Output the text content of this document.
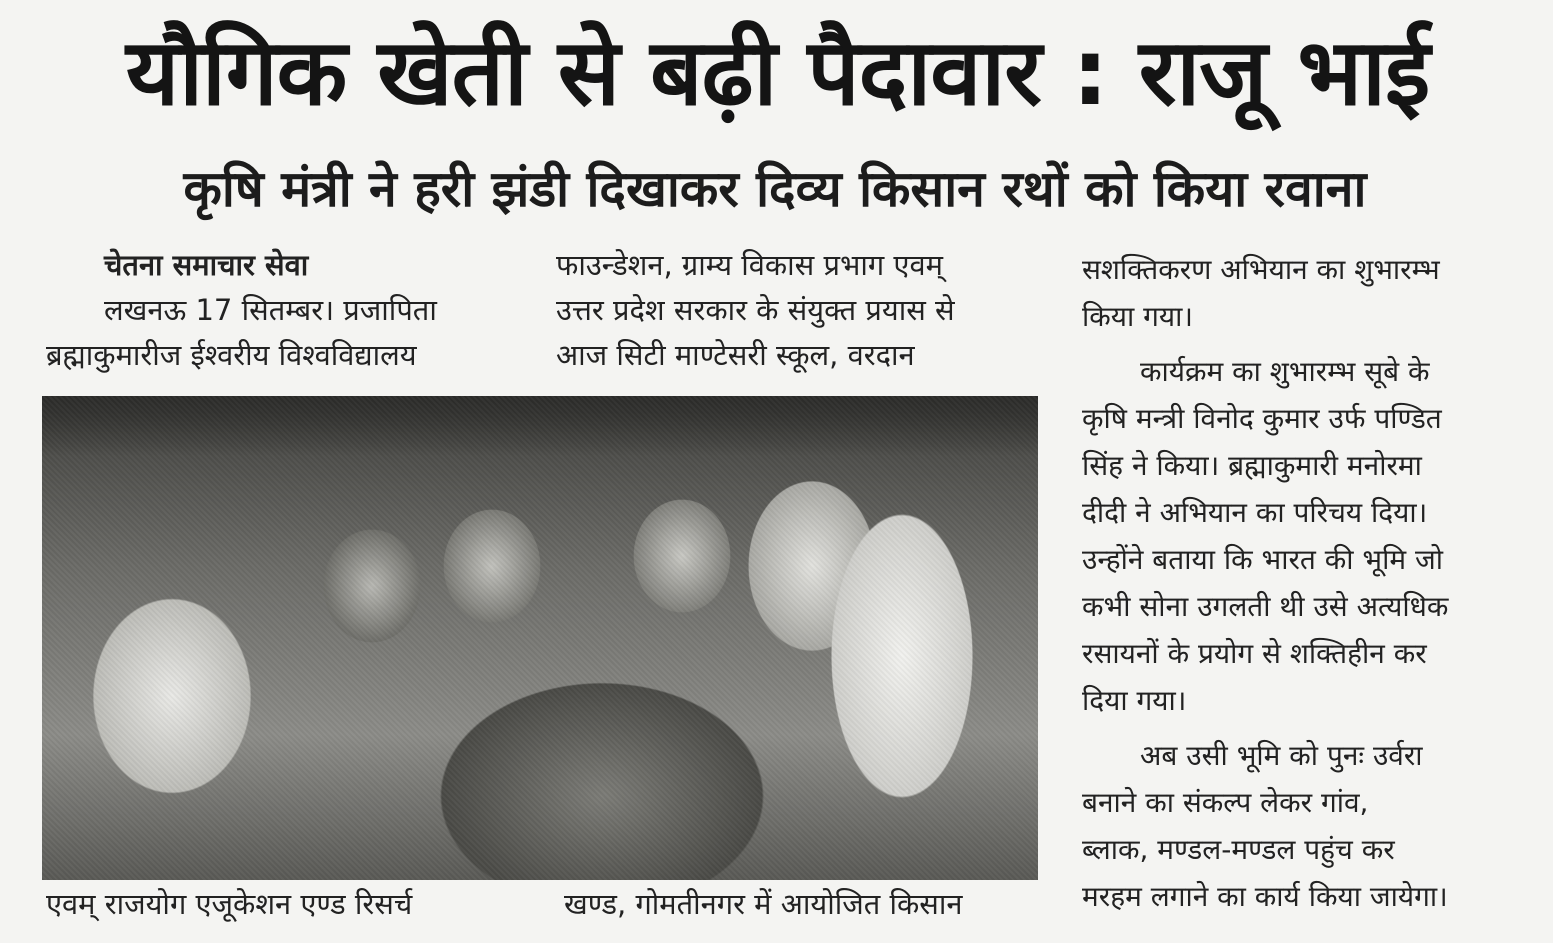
यौगिक खेती से बढ़ी पैदावार : राजू भाई
कृषि मंत्री ने हरी झंडी दिखाकर दिव्य किसान रथों को किया रवाना

चेतना समाचार सेवा

लखनऊ 17 सितम्बर। प्रजापिता

ब्रह्माकुमारीज ईश्वरीय विश्वविद्यालय

फाउन्डेशन, ग्राम्य विकास प्रभाग एवम्

उत्तर प्रदेश सरकार के संयुक्त प्रयास से

आज सिटी माण्टेसरी स्कूल, वरदान

एवम् राजयोग एजूकेशन एण्ड रिसर्च	खण्ड, गोमतीनगर में आयोजित किसान

सशक्तिकरण अभियान का शुभारम्भ

किया गया।

कार्यक्रम का शुभारम्भ सूबे के

कृषि मन्त्री विनोद कुमार उर्फ पण्डित

सिंह ने किया। ब्रह्माकुमारी मनोरमा

दीदी ने अभियान का परिचय दिया।

उन्होंने बताया कि भारत की भूमि जो

कभी सोना उगलती थी उसे अत्यधिक

रसायनों के प्रयोग से शक्तिहीन कर

दिया गया।

अब उसी भूमि को पुनः उर्वरा

बनाने का संकल्प लेकर गांव,

ब्लाक, मण्डल-मण्डल पहुंच कर

मरहम लगाने का कार्य किया जायेगा।
